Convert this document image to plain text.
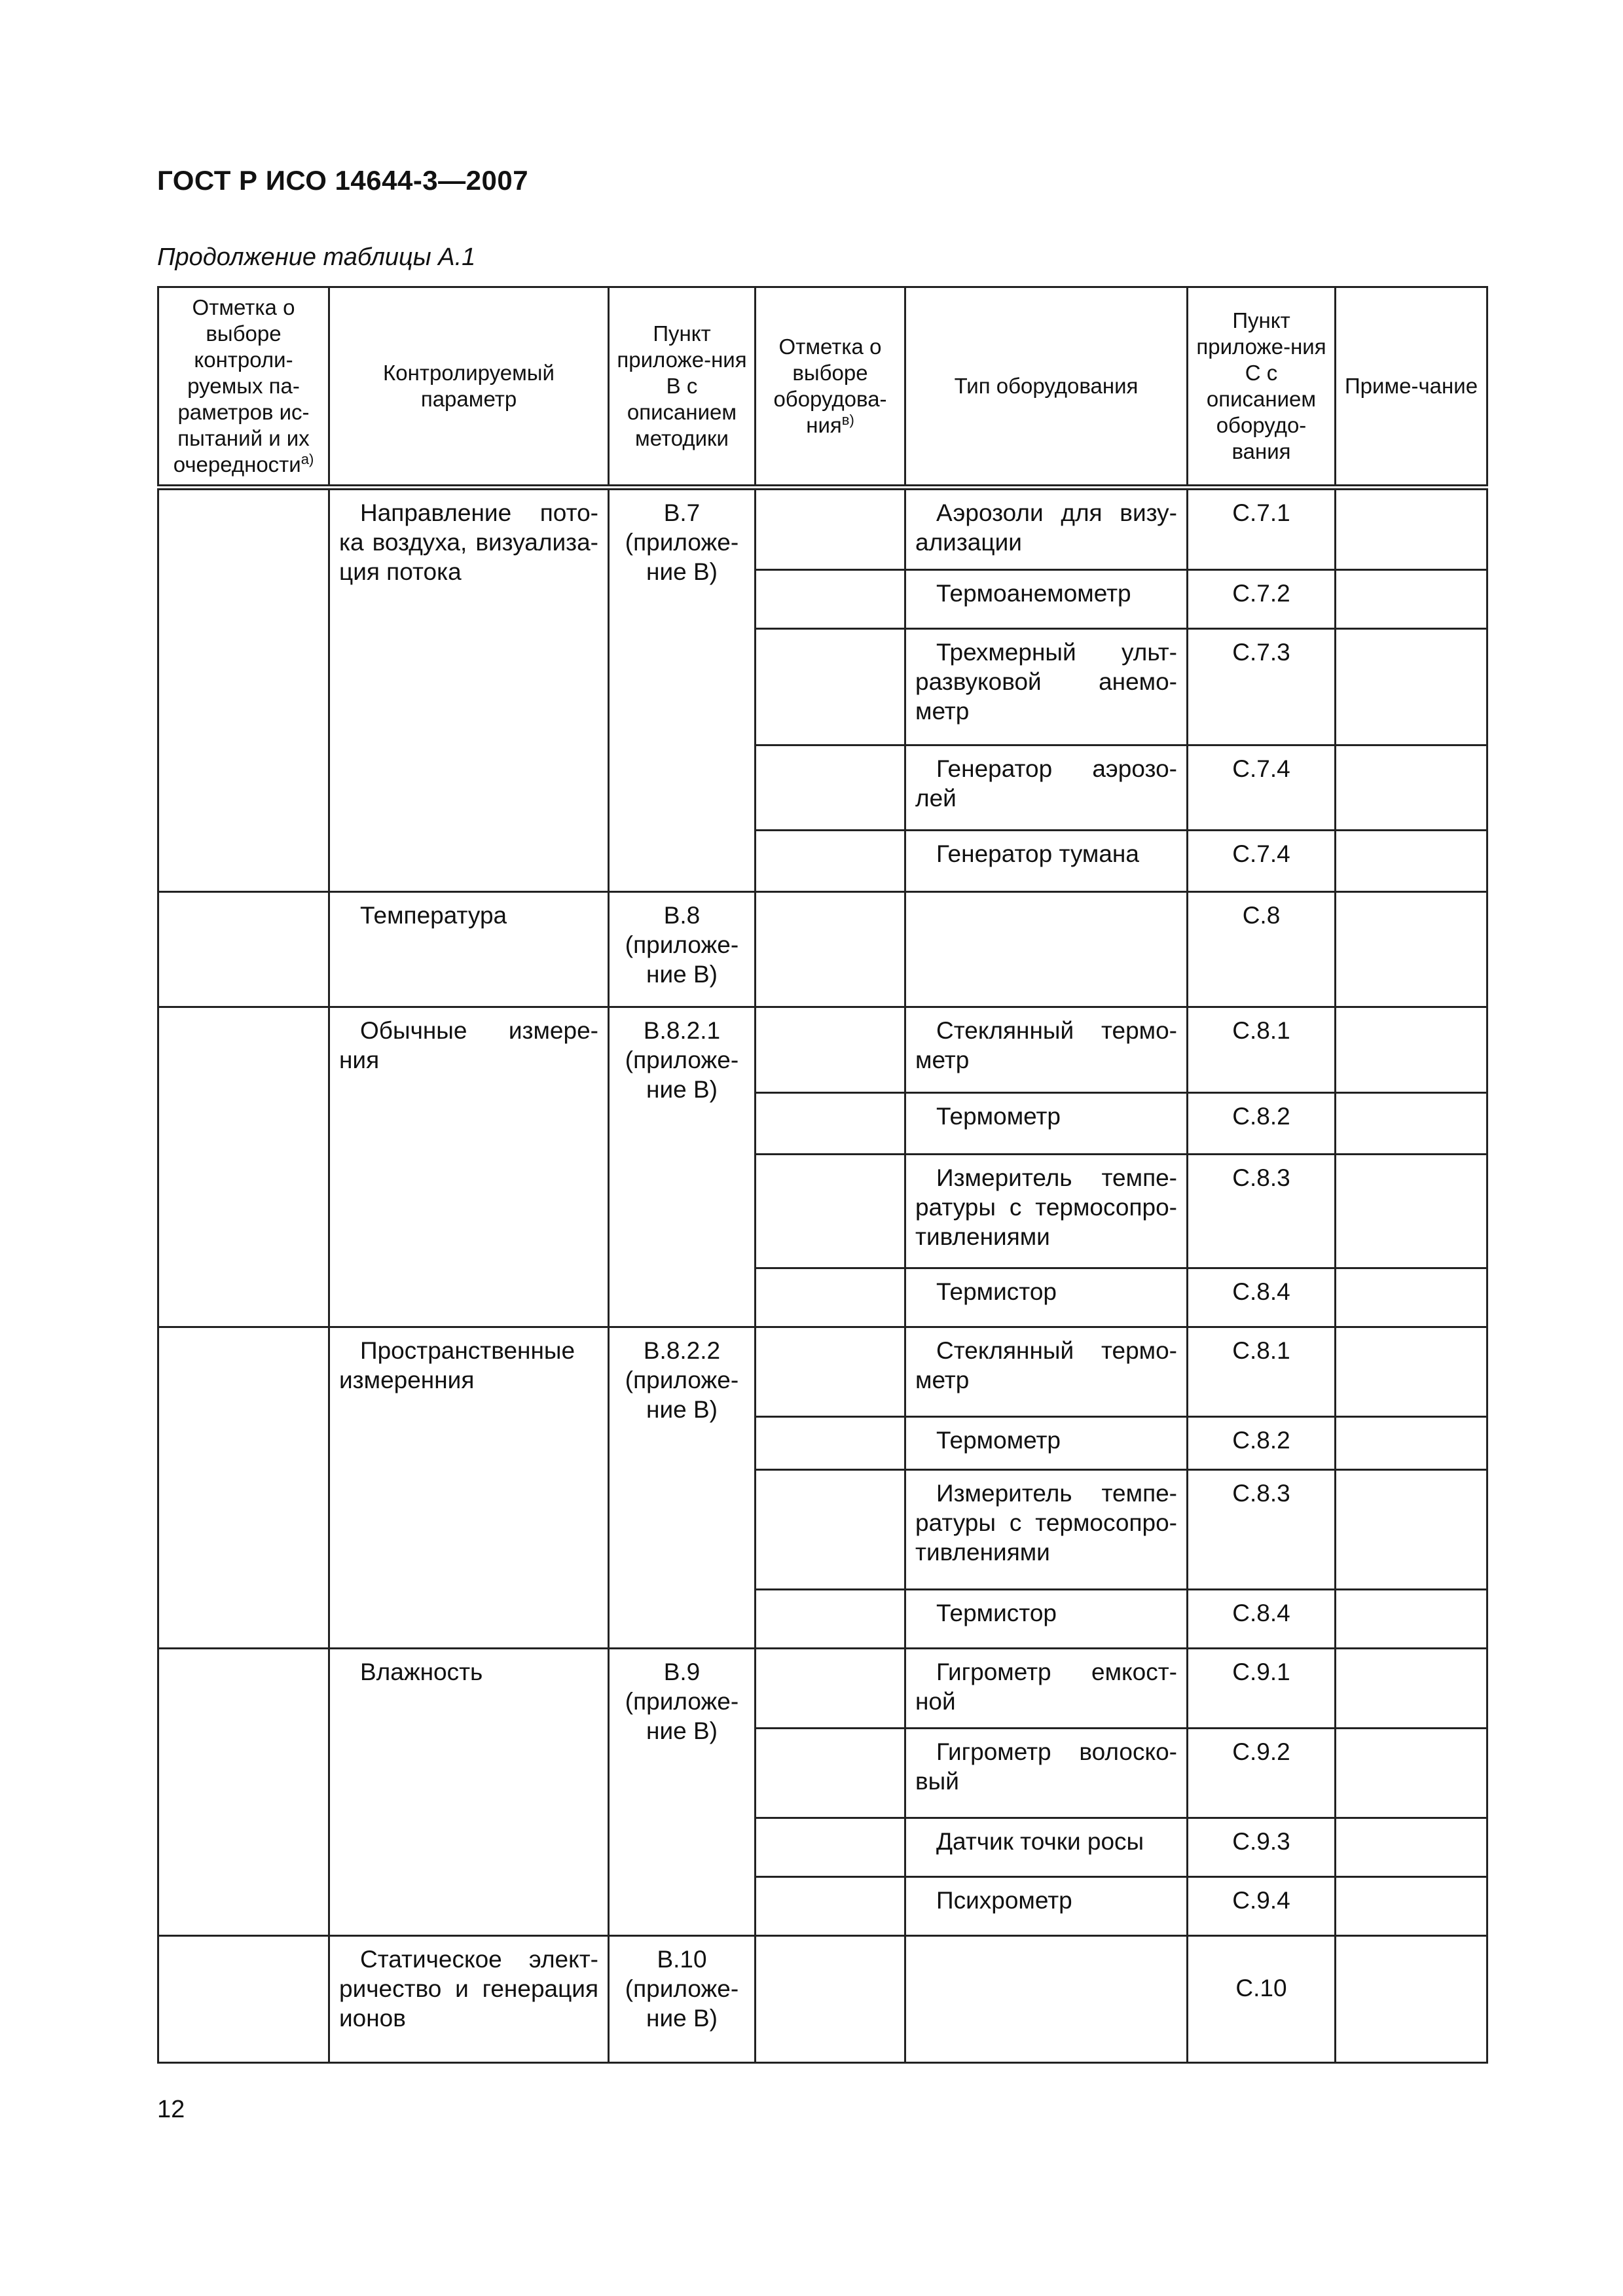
ГОСТ Р ИСО 14644-3—2007
Продолжение таблицы А.1
Отметка о выборе контроли-руемых па-раметров ис-пытаний и их очередности$^{а)}$	Контролируемый параметр	Пункт приложе-ния В с описанием методики	Отметка о выборе оборудова-ния$^{в)}$	Тип оборудования	Пункт приложе-ния С с описанием оборудо-вания	Приме-чание
	Направление пото-ка воздуха, визуализа-ция потока	В.7 (приложе-ние В)		Аэрозоли для визу-ализации	С.7.1	
				Термоанемометр	С.7.2	
				Трехмерный ульт-развуковой анемо-метр	С.7.3	
				Генератор аэрозо-лей	С.7.4	
				Генератор тумана	С.7.4	
	Температура	В.8 (приложе-ние В)			С.8	
	Обычные измере-ния	В.8.2.1 (приложе-ние В)		Стеклянный термо-метр	С.8.1	
				Термометр	С.8.2	
				Измеритель темпе-ратуры с термосопро-тивлениями	С.8.3	
				Термистор	С.8.4	
	Пространственные измеренния	В.8.2.2 (приложе-ние В)		Стеклянный термо-метр	С.8.1	
				Термометр	С.8.2	
				Измеритель темпе-ратуры с термосопро-тивлениями	С.8.3	
				Термистор	С.8.4	
	Влажность	В.9 (приложе-ние В)		Гигрометр емкост-ной	С.9.1	
				Гигрометр волоско-вый	С.9.2	
				Датчик точки росы	С.9.3	
				Психрометр	С.9.4	
	Статическое элект-ричество и генерация ионов	В.10 (приложе-ние В)			С.10	
12
